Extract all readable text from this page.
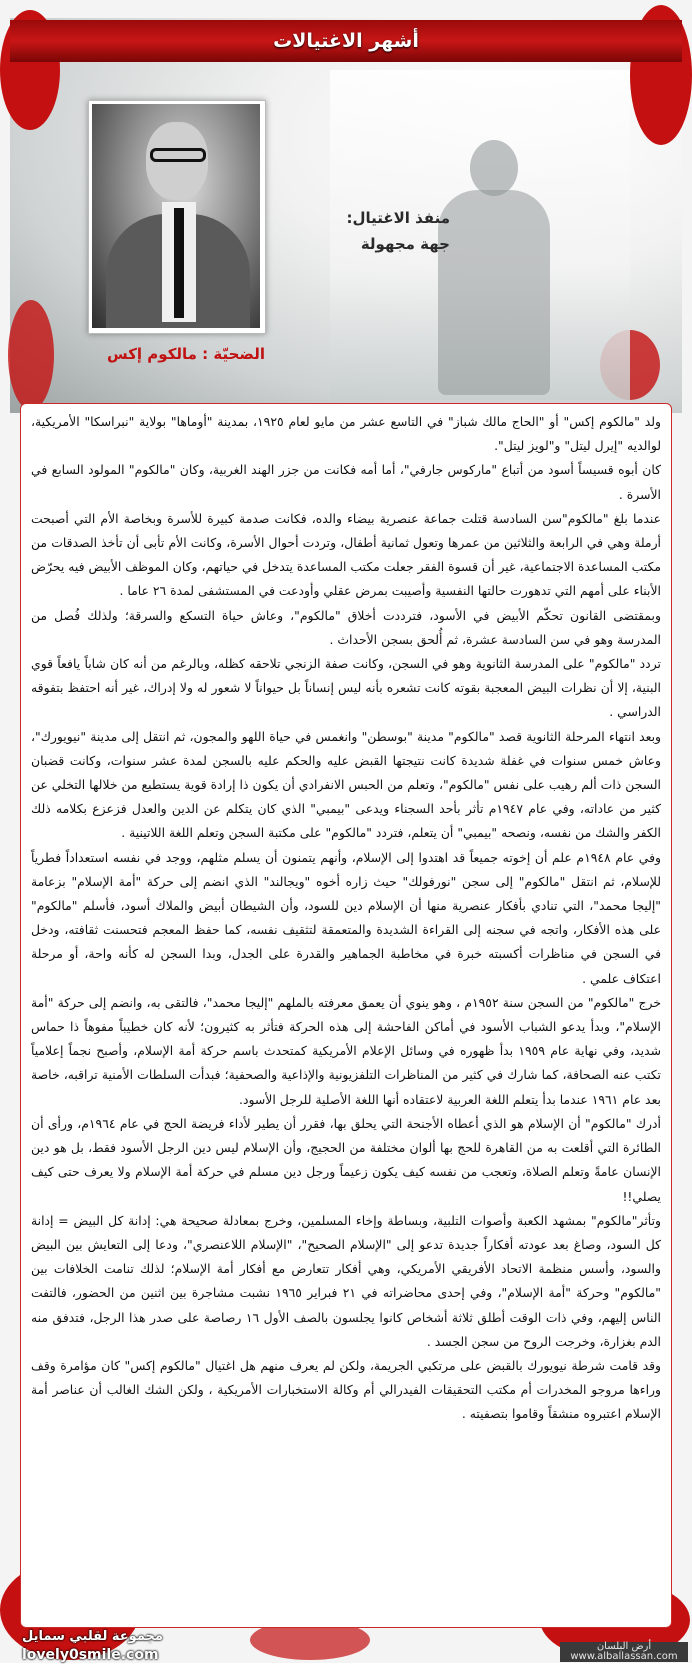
أشهر الاغتيالات
الضحيّة : مالكوم إكس
منفذ الاغتيال:
جهة مجهولة

ولد "مالكوم إكس" أو "الحاج مالك شباز" في التاسع عشر من مايو لعام ١٩٢٥، بمدينة "أوماها" بولاية "نبراسكا" الأمريكية، لوالديه "إيرل ليتل" و"لويز ليتل".

كان أبوه قسيساً أسود من أتباع "ماركوس جارفي"، أما أمه فكانت من جزر الهند الغربية، وكان "مالكوم" المولود السابع في الأسرة .

عندما بلغ "مالكوم"سن السادسة قتلت جماعة عنصرية بيضاء والده، فكانت صدمة كبيرة للأسرة وبخاصة الأم التي أصبحت أرملة وهي في الرابعة والثلاثين من عمرها وتعول ثمانية أطفال، وتردت أحوال الأسرة، وكانت الأم تأبى أن تأخذ الصدقات من مكتب المساعدة الاجتماعية، غير أن قسوة الفقر جعلت مكتب المساعدة يتدخل في حياتهم، وكان الموظف الأبيض فيه يحرّض الأبناء على أمهم التي تدهورت حالتها النفسية وأصيبت بمرض عقلي وأودعت في المستشفى لمدة ٢٦ عاما .

وبمقتضى القانون تحكّم الأبيض في الأسود، فترددت أخلاق "مالكوم"، وعاش حياة التسكع والسرقة؛ ولذلك فُصل من المدرسة وهو في سن السادسة عشرة، ثم أُلحق بسجن الأحداث .

تردد "مالكوم" على المدرسة الثانوية وهو في السجن، وكانت صفة الزنجي تلاحقه كظله، وبالرغم من أنه كان شاباً يافعاً قوي البنية، إلا أن نظرات البيض المعجبة بقوته كانت تشعره بأنه ليس إنساناً بل حيواناً لا شعور له ولا إدراك، غير أنه احتفظ بتفوقه الدراسي .

وبعد انتهاء المرحلة الثانوية قصد "مالكوم" مدينة "بوسطن" وانغمس في حياة اللهو والمجون، ثم انتقل إلى مدينة "نيويورك"، وعاش خمس سنوات في غفلة شديدة كانت نتيجتها القبض عليه والحكم عليه بالسجن لمدة عشر سنوات، وكانت قضبان السجن ذات ألم رهيب على نفس "مالكوم"، وتعلم من الحبس الانفرادي أن يكون ذا إرادة قوية يستطيع من خلالها التخلي عن كثير من عاداته، وفي عام ١٩٤٧م تأثر بأحد السجناء ويدعى "بيمبي" الذي كان يتكلم عن الدين والعدل فزعزع بكلامه ذلك الكفر والشك من نفسه، ونصحه "بيمبي" أن يتعلم، فتردد "مالكوم" على مكتبة السجن وتعلم اللغة اللاتينية .

وفي عام ١٩٤٨م علم أن إخوته جميعاً قد اهتدوا إلى الإسلام، وأنهم يتمنون أن يسلم مثلهم، ووجد في نفسه استعداداً فطرياً للإسلام، ثم انتقل "مالكوم" إلى سجن "نورفولك" حيث زاره أخوه "ويجالند" الذي انضم إلى حركة "أمة الإسلام" بزعامة "إليجا محمد"، التي تنادي بأفكار عنصرية منها أن الإسلام دين للسود، وأن الشيطان أبيض والملاك أسود، فأسلم "مالكوم" على هذه الأفكار، واتجه في سجنه إلى القراءة الشديدة والمتعمقة لتثقيف نفسه، كما حفظ المعجم فتحسنت ثقافته، ودخل في السجن في مناظرات أكسبته خبرة في مخاطبة الجماهير والقدرة على الجدل، وبدا السجن له كأنه واحة، أو مرحلة اعتكاف علمي .

خرج "مالكوم" من السجن سنة ١٩٥٢م ، وهو ينوي أن يعمق معرفته بالملهم "إليجا محمد"، فالتقى به، وانضم إلى حركة "أمة الإسلام"، وبدأ يدعو الشباب الأسود في أماكن الفاحشة إلى هذه الحركة فتأثر به كثيرون؛ لأنه كان خطيباً مفوهاً ذا حماس شديد، وفي نهاية عام ١٩٥٩ بدأ ظهوره في وسائل الإعلام الأمريكية كمتحدث باسم حركة أمة الإسلام، وأصبح نجماً إعلامياً تكتب عنه الصحافة، كما شارك في كثير من المناظرات التلفزيونية والإذاعية والصحفية؛ فبدأت السلطات الأمنية تراقبه، خاصة بعد عام ١٩٦١ عندما بدأ يتعلم اللغة العربية لاعتقاده أنها اللغة الأصلية للرجل الأسود.

أدرك "مالكوم" أن الإسلام هو الذي أعطاه الأجنحة التي يحلق بها، فقرر أن يطير لأداء فريضة الحج في عام ١٩٦٤م، ورأى أن الطائرة التي أقلعت به من القاهرة للحج بها ألوان مختلفة من الحجيج، وأن الإسلام ليس دين الرجل الأسود فقط، بل هو دين الإنسان عامةً وتعلم الصلاة، وتعجب من نفسه كيف يكون زعيماً ورجل دين مسلم في حركة أمة الإسلام ولا يعرف حتى كيف يصلي!!

وتأثر"مالكوم" بمشهد الكعبة وأصوات التلبية، وبساطة وإخاء المسلمين، وخرج بمعادلة صحيحة هي: إدانة كل البيض = إدانة كل السود، وصاغ بعد عودته أفكاراً جديدة تدعو إلى "الإسلام الصحيح"، "الإسلام اللاعنصري"، ودعا إلى التعايش بين البيض والسود، وأسس منظمة الاتحاد الأفريقي الأمريكي، وهي أفكار تتعارض مع أفكار أمة الإسلام؛ لذلك تنامت الخلافات بين "مالكوم" وحركة "أمة الإسلام"، وفي إحدى محاضراته في ٢١ فبراير ١٩٦٥ نشبت مشاجرة بين اثنين من الحضور، فالتفت الناس إليهم، وفي ذات الوقت أطلق ثلاثة أشخاص كانوا يجلسون بالصف الأول ١٦ رصاصة على صدر هذا الرجل، فتدفق منه الدم بغزارة، وخرجت الروح من سجن الجسد .

وقد قامت شرطة نيويورك بالقبض على مرتكبي الجريمة، ولكن لم يعرف منهم هل اغتيال "مالكوم إكس" كان مؤامرة وقف وراءها مروجو المخدرات أم مكتب التحقيقات الفيدرالي أم وكالة الاستخبارات الأمريكية ، ولكن الشك الغالب أن عناصر أمة الإسلام اعتبروه منشقاً وقاموا بتصفيته .

مجموعة لقلبي سمايل
lovely0smile.com
أرض البلسان
www.alballassan.com
